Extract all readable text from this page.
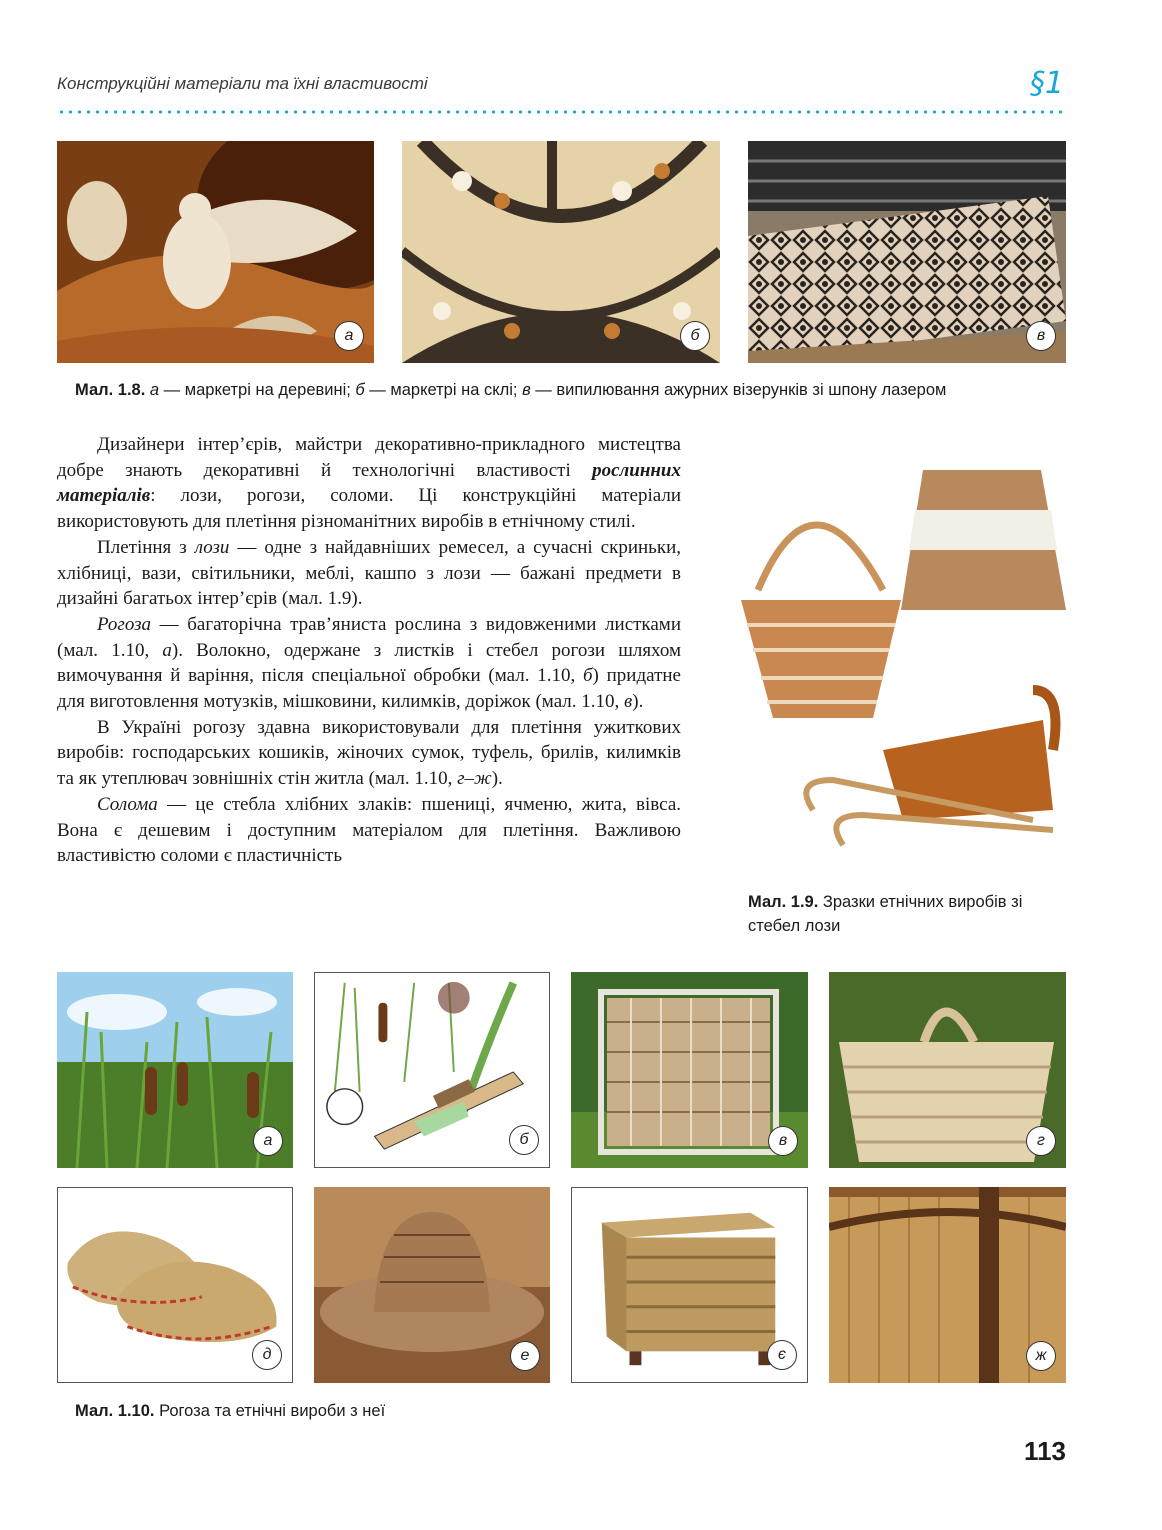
Конструкційні матеріали та їхні властивості	§1
а	б	в
Мал. 1.8. а — маркетрі на деревині; б — маркетрі на склі; в — випилювання ажурних візерунків зі шпону лазером

Дизайнери інтер’єрів, майстри декоративно-прикладного мистецтва добре знають декоративні й технологічні властивості рослинних матеріалів: лози, рогози, соломи. Ці конструкційні матеріали використовують для плетіння різноманітних виробів в етнічному стилі.

Плетіння з лози — одне з найдавніших ремесел, а сучасні скриньки, хлібниці, вази, світильники, меблі, кашпо з лози — бажані предмети в дизайні багатьох інтер’єрів (мал. 1.9).

Рогоза — багаторічна трав’яниста рослина з видовженими листками (мал. 1.10, а). Волокно, одержане з листків і стебел рогози шляхом вимочування й варіння, після спеціальної обробки (мал. 1.10, б) придатне для виготовлення мотузків, мішковини, килимків, доріжок (мал. 1.10, в).

В Україні рогозу здавна використовували для плетіння ужиткових виробів: господарських кошиків, жіночих сумок, туфель, брилів, килимків та як утеплювач зовнішніх стін житла (мал. 1.10, г–ж).

Солома — це стебла хлібних злаків: пшениці, ячменю, жита, вівса. Вона є дешевим і доступним матеріалом для плетіння. Важливою властивістю соломи є пластичність

Мал. 1.9. Зразки етнічних виробів зі стебел лози
а	б	в	г
д	е	є	ж
Мал. 1.10. Рогоза та етнічні вироби з неї
113
